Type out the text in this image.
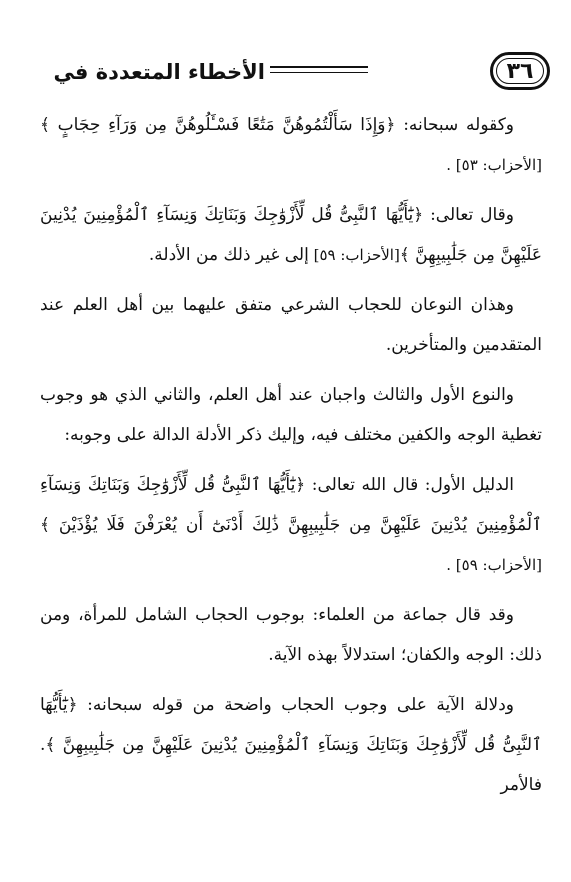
الأخطاء المتعددة في	٣٦

وكقوله سبحانه: ﴿وَإِذَا سَأَلْتُمُوهُنَّ مَتَٰعًا فَسْـَٔلُوهُنَّ مِن وَرَآءِ حِجَابٍ ﴾ [الأحزاب: ٥٣] .

وقال تعالى: ﴿يَٰٓأَيُّهَا ٱلنَّبِىُّ قُل لِّأَزْوَٰجِكَ وَبَنَاتِكَ وَنِسَآءِ ٱلْمُؤْمِنِينَ يُدْنِينَ عَلَيْهِنَّ مِن جَلَٰبِيبِهِنَّ ﴾[الأحزاب: ٥٩] إلى غير ذلك من الأدلة.

وهذان النوعان للحجاب الشرعي متفق عليهما بين أهل العلم عند المتقدمين والمتأخرين.

والنوع الأول والثالث واجبان عند أهل العلم، والثاني الذي هو وجوب تغطية الوجه والكفين مختلف فيه، وإليك ذكر الأدلة الدالة على وجوبه:

الدليل الأول: قال الله تعالى: ﴿يَٰٓأَيُّهَا ٱلنَّبِىُّ قُل لِّأَزْوَٰجِكَ وَبَنَاتِكَ وَنِسَآءِ ٱلْمُؤْمِنِينَ يُدْنِينَ عَلَيْهِنَّ مِن جَلَٰبِيبِهِنَّ ذَٰلِكَ أَدْنَىٰٓ أَن يُعْرَفْنَ فَلَا يُؤْذَيْنَ ﴾[الأحزاب: ٥٩] .

وقد قال جماعة من العلماء: بوجوب الحجاب الشامل للمرأة، ومن ذلك: الوجه والكفان؛ استدلالاً بهذه الآية.

ودلالة الآية على وجوب الحجاب واضحة من قوله سبحانه: ﴿يَٰٓأَيُّهَا ٱلنَّبِىُّ قُل لِّأَزْوَٰجِكَ وَبَنَاتِكَ وَنِسَآءِ ٱلْمُؤْمِنِينَ يُدْنِينَ عَلَيْهِنَّ مِن جَلَٰبِيبِهِنَّ ﴾. فالأمر
